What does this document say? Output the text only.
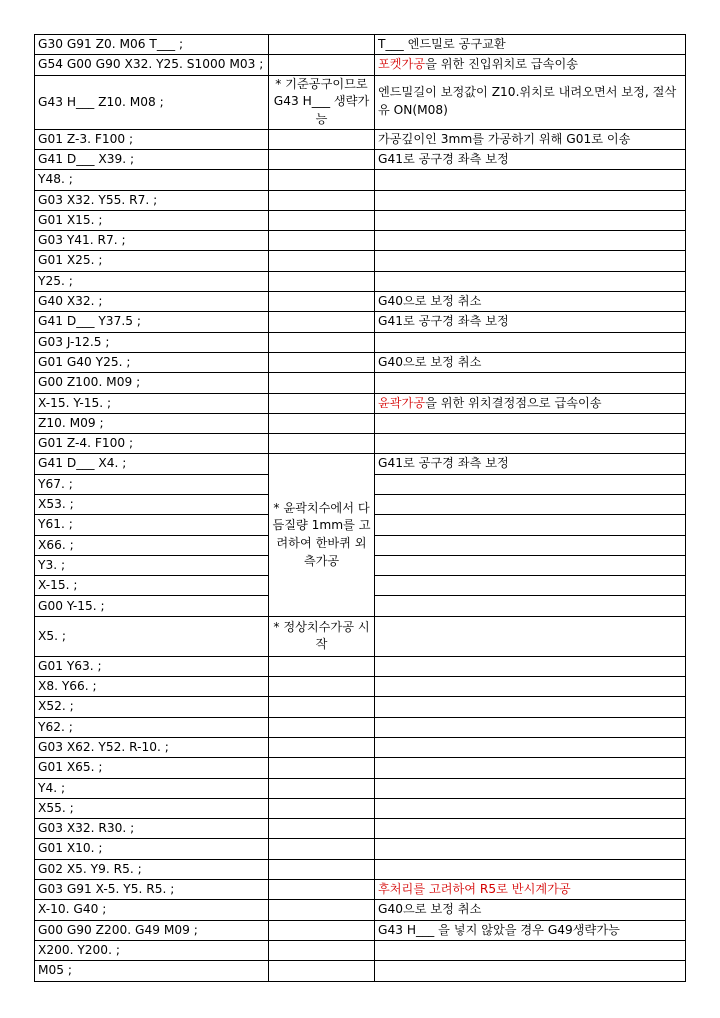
G30 G91 Z0. M06 T___ ;		T___ 엔드밀로 공구교환
G54 G00 G90 X32. Y25. S1000 M03 ;		포켓가공을 위한 진입위치로 급속이송
G43 H___ Z10. M08 ;	* 기준공구이므로 G43 H___ 생략가능	엔드밀길이 보정값이 Z10.위치로 내려오면서 보정, 절삭유 ON(M08)
G01 Z-3. F100 ;		가공깊이인 3mm를 가공하기 위해 G01로 이송
G41 D___ X39. ;		G41로 공구경 좌측 보정
Y48. ;		
G03 X32. Y55. R7. ;		
G01 X15. ;		
G03 Y41. R7. ;		
G01 X25. ;		
Y25. ;		
G40 X32. ;		G40으로 보정 취소
G41 D___ Y37.5 ;		G41로 공구경 좌측 보정
G03 J-12.5 ;		
G01 G40 Y25. ;		G40으로 보정 취소
G00 Z100. M09 ;		
X-15. Y-15. ;		윤곽가공을 위한 위치결정점으로 급속이송
Z10. M09 ;		
G01 Z-4. F100 ;		
G41 D___ X4. ;	* 윤곽치수에서 다듬질량 1mm를 고려하여 한바퀴 외측가공	G41로 공구경 좌측 보정
Y67. ;		
X53. ;		
Y61. ;		
X66. ;		
Y3. ;		
X-15. ;		
G00 Y-15. ;		
X5. ;	* 정상치수가공 시작	
G01 Y63. ;		
X8. Y66. ;		
X52. ;		
Y62. ;		
G03 X62. Y52. R-10. ;		
G01 X65. ;		
Y4. ;		
X55. ;		
G03 X32. R30. ;		
G01 X10. ;		
G02 X5. Y9. R5. ;		
G03 G91 X-5. Y5. R5. ;		후처리를 고려하여 R5로 반시계가공
X-10. G40 ;		G40으로 보정 취소
G00 G90 Z200. G49 M09 ;		G43 H___ 을 넣지 않았을 경우 G49생략가능
X200. Y200. ;		
M05 ;		
